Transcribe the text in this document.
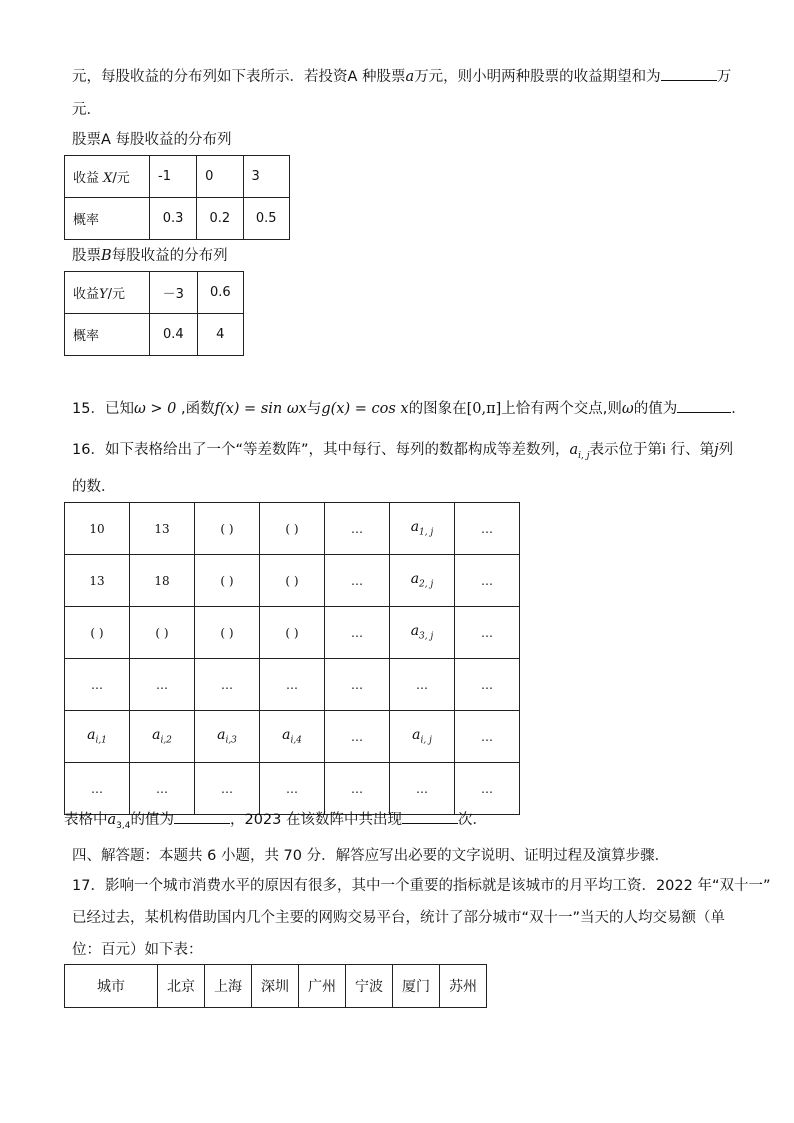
元，每股收益的分布列如下表所示．若投资A 种股票a万元，则小明两种股票的收益期望和为	万
元．
股票A 每股收益的分布列
收益 X/元	-1	0	3
概率	0.3	0.2	0.5
股票B每股收益的分布列
收益Y/元	－3	0.6
概率	0.4	4
15．已知ω > 0 ,函数f(x) = sin ωx与g(x) = cos x的图象在[0,π]上恰有两个交点,则ω的值为	．
16．如下表格给出了一个“等差数阵”，其中每行、每列的数都构成等差数列，$a_{i, j}$表示位于第i 行、第j列
的数．
10	13	( )	( )	…	$a_{1, j}$	…
13	18	( )	( )	…	$a_{2, j}$	…
( )	( )	( )	( )	…	$a_{3, j}$	…
…	…	…	…	…	…	…
$a_{i,1}$	$a_{i,2}$	$a_{i,3}$	$a_{i,4}$	…	$a_{i, j}$	…
…	…	…	…	…	…	…
表格中$a_{3,4}$的值为	，2023 在该数阵中共出现	次．
四、解答题：本题共 6 小题，共 70 分．解答应写出必要的文字说明、证明过程及演算步骤．
17．影响一个城市消费水平的原因有很多，其中一个重要的指标就是该城市的月平均工资．2022 年“双十一”
已经过去，某机构借助国内几个主要的网购交易平台，统计了部分城市“双十一”当天的人均交易额（单
位：百元）如下表：
城市	北京	上海	深圳	广州	宁波	厦门	苏州
